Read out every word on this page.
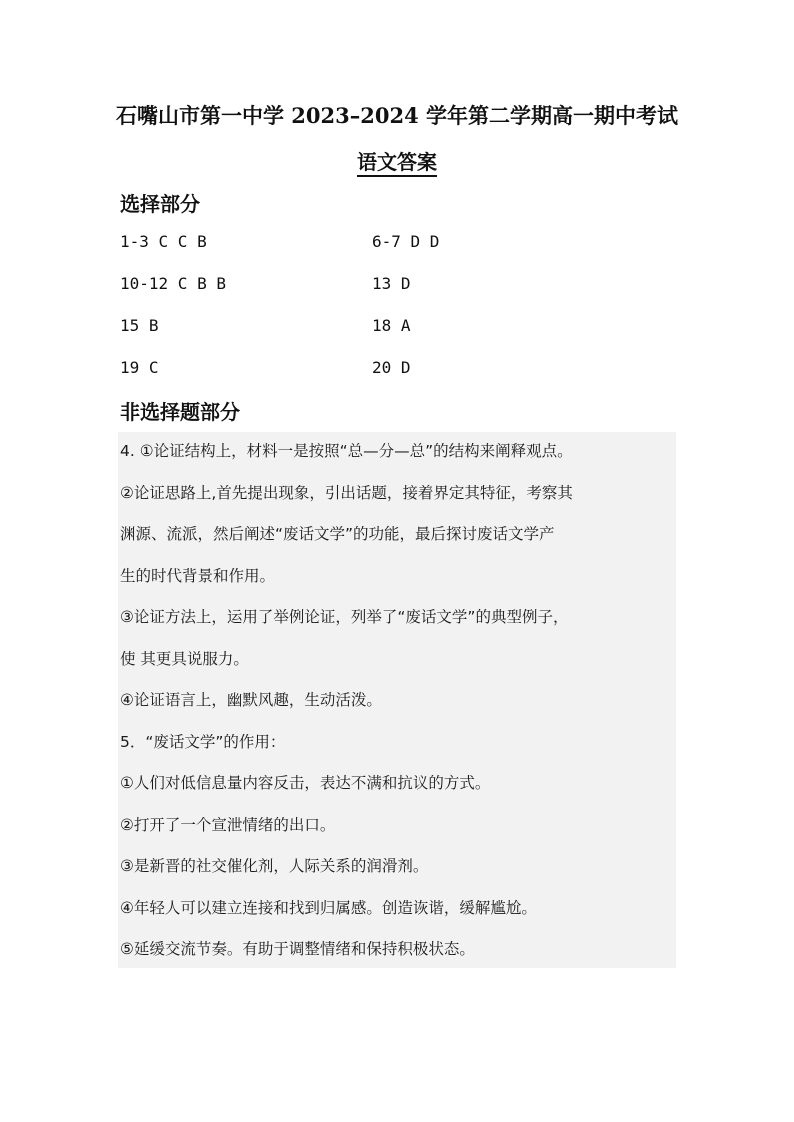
石嘴山市第一中学 2023–2024 学年第二学期高一期中考试
语文答案
选择部分
1-3 C C B	6-7 D D
10-12 C B B	13 D
15 B	18 A
19 C	20 D
非选择题部分
4. ①论证结构上，材料一是按照“总—分—总”的结构来阐释观点。
②论证思路上,首先提出现象，引出话题，接着界定其特征，考察其
渊源、流派，然后阐述“废话文学”的功能，最后探讨废话文学产
生的时代背景和作用。
③论证方法上，运用了举例论证，列举了“废话文学”的典型例子，
使 其更具说服力。
④论证语言上，幽默风趣，生动活泼。
5．“废话文学”的作用：
①人们对低信息量内容反击，表达不满和抗议的方式。
②打开了一个宣泄情绪的出口。
③是新晋的社交催化剂，人际关系的润滑剂。
④年轻人可以建立连接和找到归属感。创造诙谐，缓解尴尬。
⑤延缓交流节奏。有助于调整情绪和保持积极状态。
